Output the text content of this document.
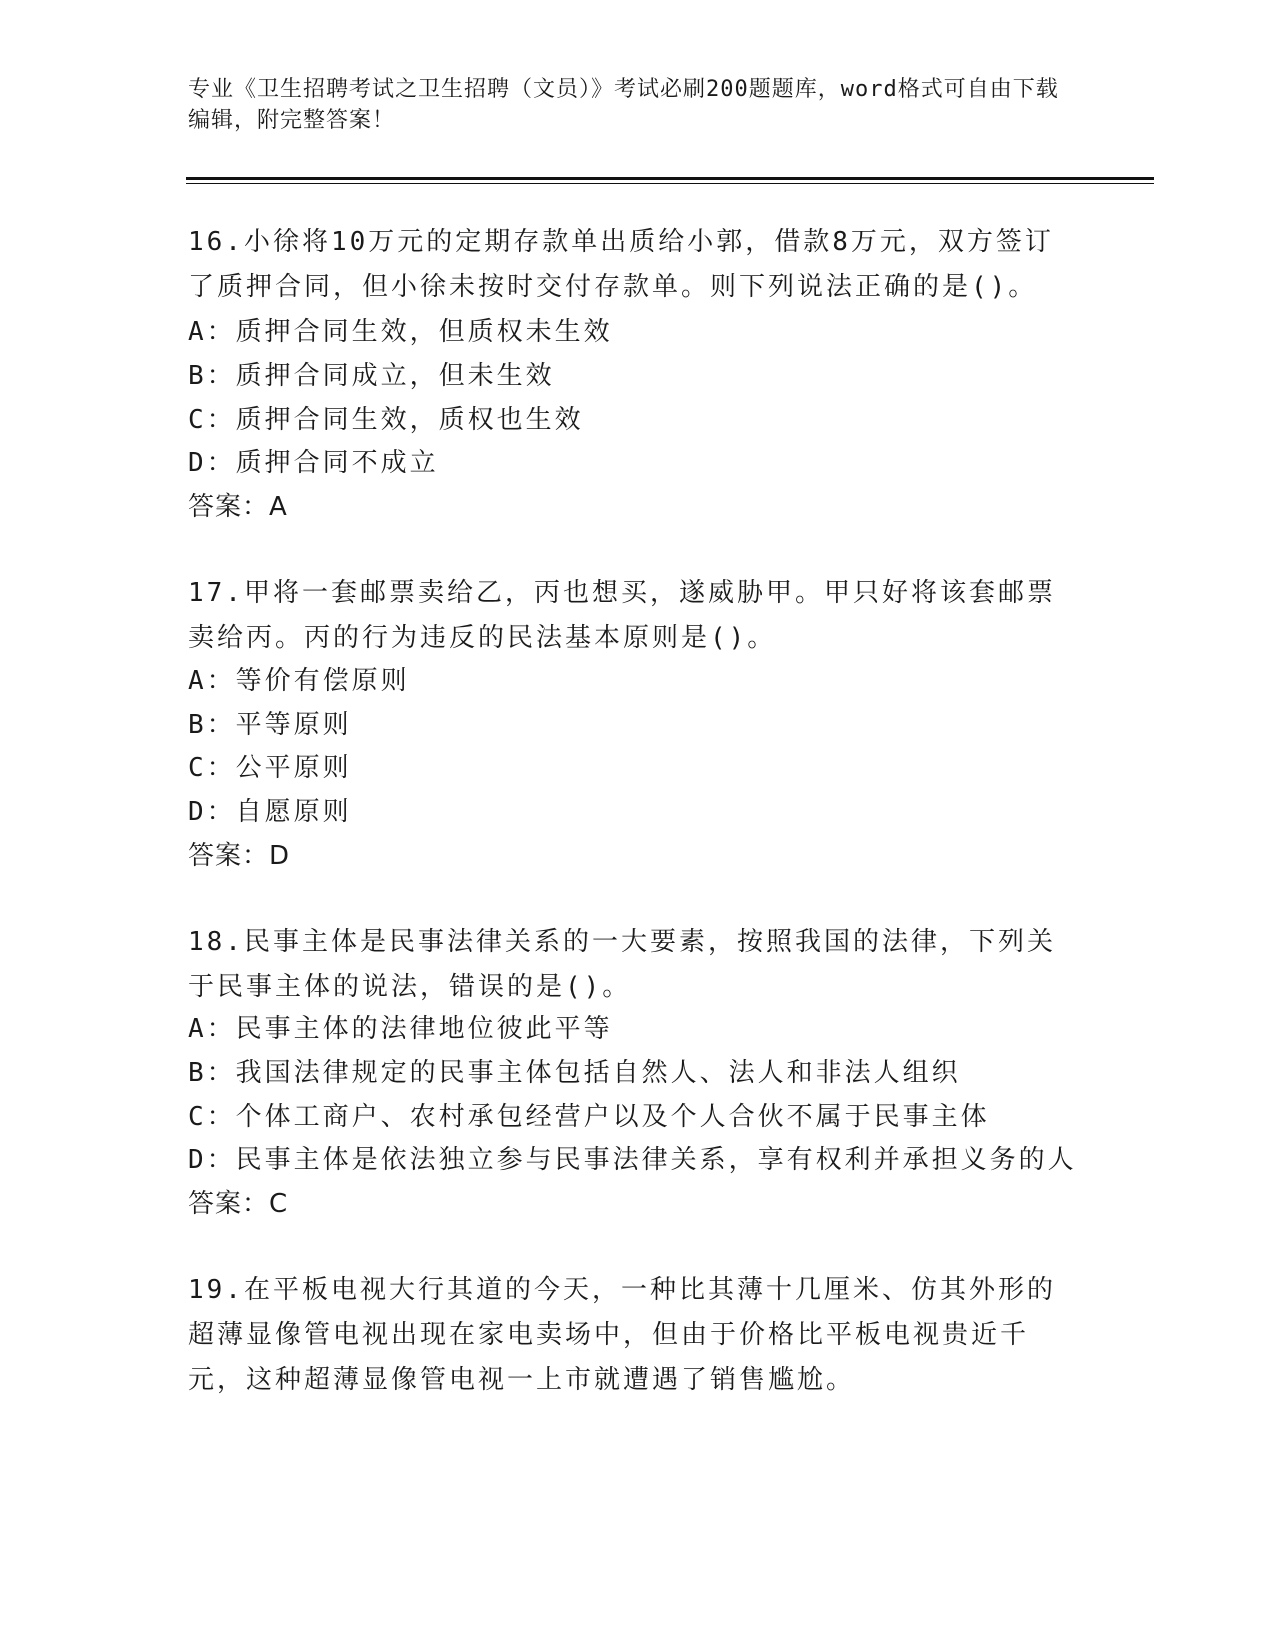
专业《卫生招聘考试之卫生招聘（文员）》考试必刷200题题库，word格式可自由下载编辑，附完整答案！
16.小徐将10万元的定期存款单出质给小郭，借款8万元，双方签订了质押合同，但小徐未按时交付存款单。则下列说法正确的是()。
A：质押合同生效，但质权未生效
B：质押合同成立，但未生效
C：质押合同生效，质权也生效
D：质押合同不成立
答案：A
17.甲将一套邮票卖给乙，丙也想买，遂威胁甲。甲只好将该套邮票卖给丙。丙的行为违反的民法基本原则是()。
A：等价有偿原则
B：平等原则
C：公平原则
D：自愿原则
答案：D
18.民事主体是民事法律关系的一大要素，按照我国的法律，下列关于民事主体的说法，错误的是()。
A：民事主体的法律地位彼此平等
B：我国法律规定的民事主体包括自然人、法人和非法人组织
C：个体工商户、农村承包经营户以及个人合伙不属于民事主体
D：民事主体是依法独立参与民事法律关系，享有权利并承担义务的人
答案：C
19.在平板电视大行其道的今天，一种比其薄十几厘米、仿其外形的超薄显像管电视出现在家电卖场中，但由于价格比平板电视贵近千元，这种超薄显像管电视一上市就遭遇了销售尴尬。
